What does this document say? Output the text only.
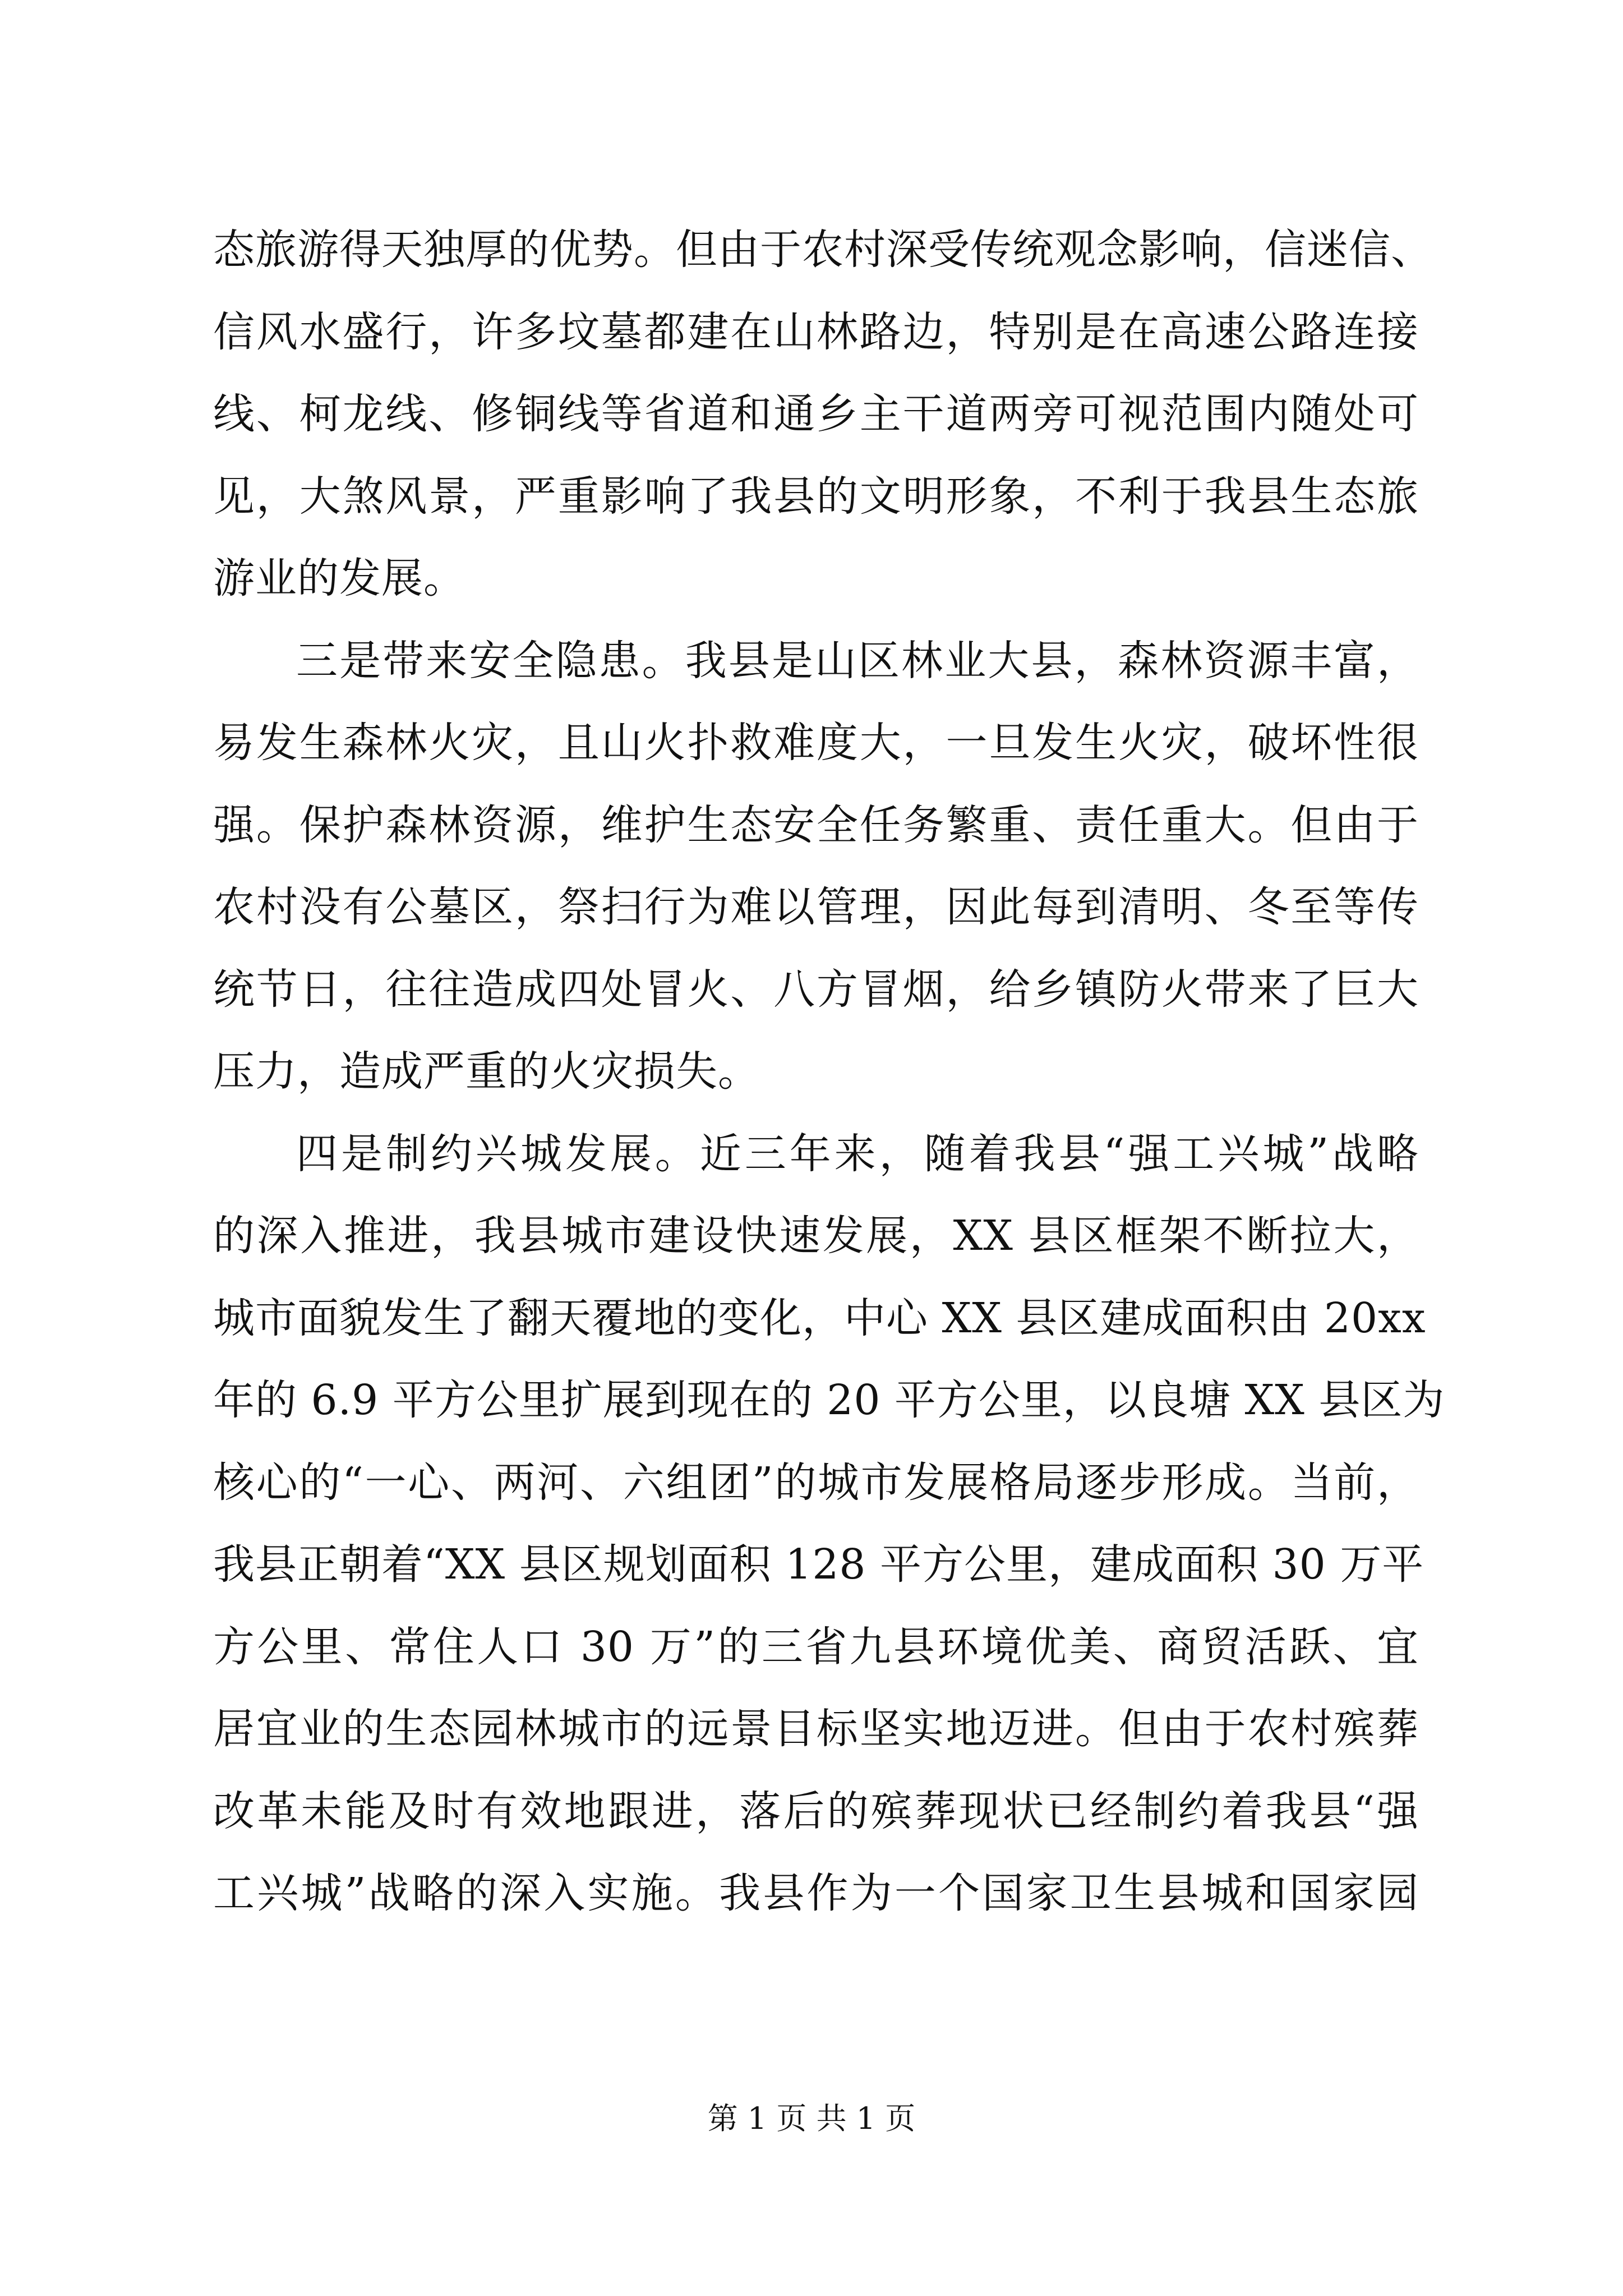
态旅游得天独厚的优势。但由于农村深受传统观念影响，信迷信、
信风水盛行，许多坟墓都建在山林路边，特别是在高速公路连接
线、柯龙线、修铜线等省道和通乡主干道两旁可视范围内随处可
见，大煞风景，严重影响了我县的文明形象，不利于我县生态旅
游业的发展。
三是带来安全隐患。我县是山区林业大县，森林资源丰富，
易发生森林火灾，且山火扑救难度大，一旦发生火灾，破坏性很
强。保护森林资源，维护生态安全任务繁重、责任重大。但由于
农村没有公墓区，祭扫行为难以管理，因此每到清明、冬至等传
统节日，往往造成四处冒火、八方冒烟，给乡镇防火带来了巨大
压力，造成严重的火灾损失。
四是制约兴城发展。近三年来，随着我县“强工兴城”战略
的深入推进，我县城市建设快速发展，XX 县区框架不断拉大，
城市面貌发生了翻天覆地的变化，中心 XX 县区建成面积由 20xx
年的 6.9 平方公里扩展到现在的 20 平方公里，以良塘 XX 县区为
核心的“一心、两河、六组团”的城市发展格局逐步形成。当前，
我县正朝着“XX 县区规划面积 128 平方公里，建成面积 30 万平
方公里、常住人口 30 万”的三省九县环境优美、商贸活跃、宜
居宜业的生态园林城市的远景目标坚实地迈进。但由于农村殡葬
改革未能及时有效地跟进，落后的殡葬现状已经制约着我县“强
工兴城”战略的深入实施。我县作为一个国家卫生县城和国家园
第 1 页 共 1 页
